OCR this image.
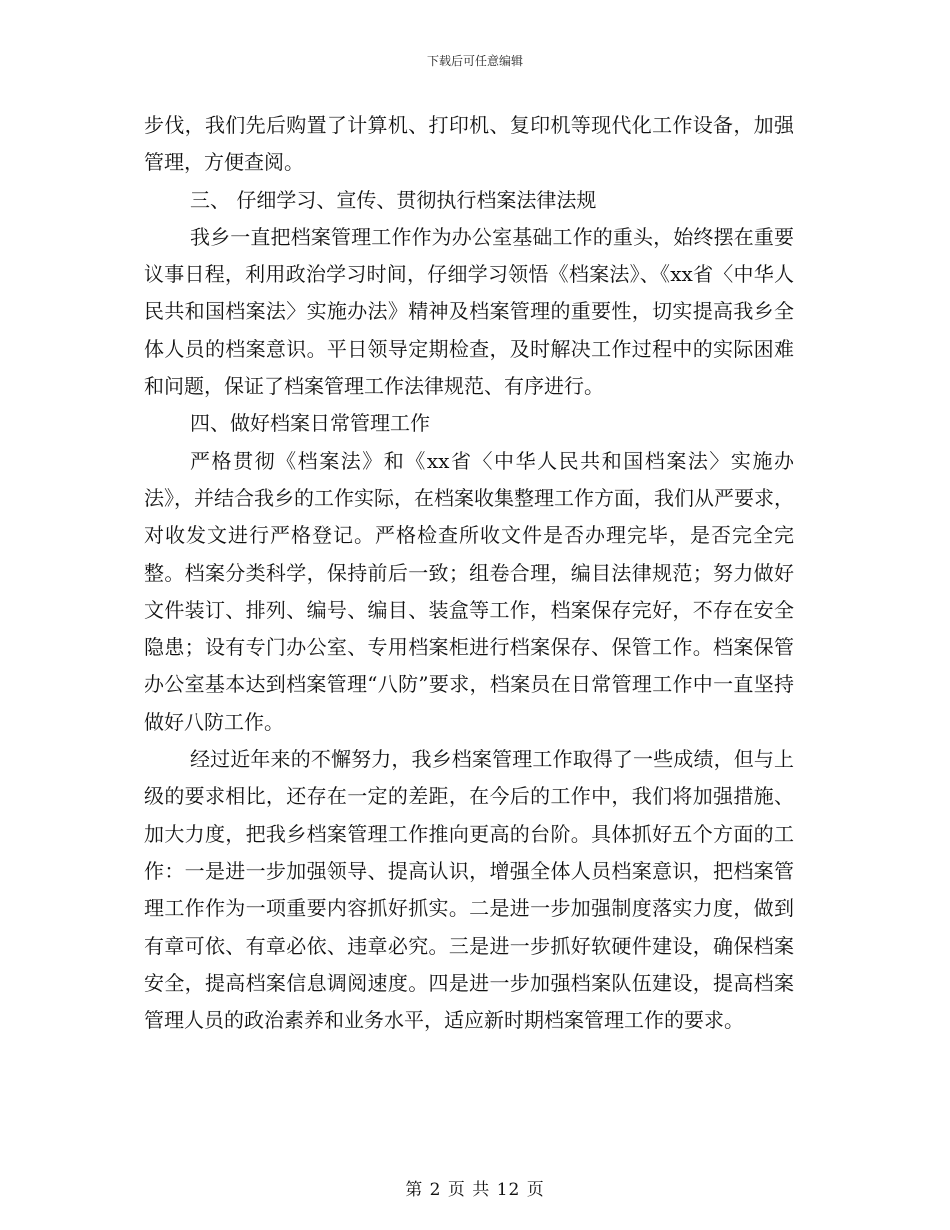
下载后可任意编辑

步伐，我们先后购置了计算机、打印机、复印机等现代化工作设备，加强管理，方便查阅。

三、 仔细学习、宣传、贯彻执行档案法律法规

我乡一直把档案管理工作作为办公室基础工作的重头，始终摆在重要议事日程，利用政治学习时间，仔细学习领悟《档案法》、《xx省〈中华人民共和国档案法〉实施办法》精神及档案管理的重要性，切实提高我乡全体人员的档案意识。平日领导定期检查，及时解决工作过程中的实际困难和问题，保证了档案管理工作法律规范、有序进行。

四、做好档案日常管理工作

严格贯彻《档案法》和《xx省〈中华人民共和国档案法〉实施办法》，并结合我乡的工作实际，在档案收集整理工作方面，我们从严要求，对收发文进行严格登记。严格检查所收文件是否办理完毕，是否完全完整。档案分类科学，保持前后一致；组卷合理，编目法律规范；努力做好文件装订、排列、编号、编目、装盒等工作，档案保存完好，不存在安全隐患；设有专门办公室、专用档案柜进行档案保存、保管工作。档案保管办公室基本达到档案管理“八防”要求，档案员在日常管理工作中一直坚持做好八防工作。

经过近年来的不懈努力，我乡档案管理工作取得了一些成绩，但与上级的要求相比，还存在一定的差距，在今后的工作中，我们将加强措施、加大力度，把我乡档案管理工作推向更高的台阶。具体抓好五个方面的工作：一是进一步加强领导、提高认识，增强全体人员档案意识，把档案管理工作作为一项重要内容抓好抓实。二是进一步加强制度落实力度，做到有章可依、有章必依、违章必究。三是进一步抓好软硬件建设，确保档案安全，提高档案信息调阅速度。四是进一步加强档案队伍建设，提高档案管理人员的政治素养和业务水平，适应新时期档案管理工作的要求。

第 2 页 共 12 页
